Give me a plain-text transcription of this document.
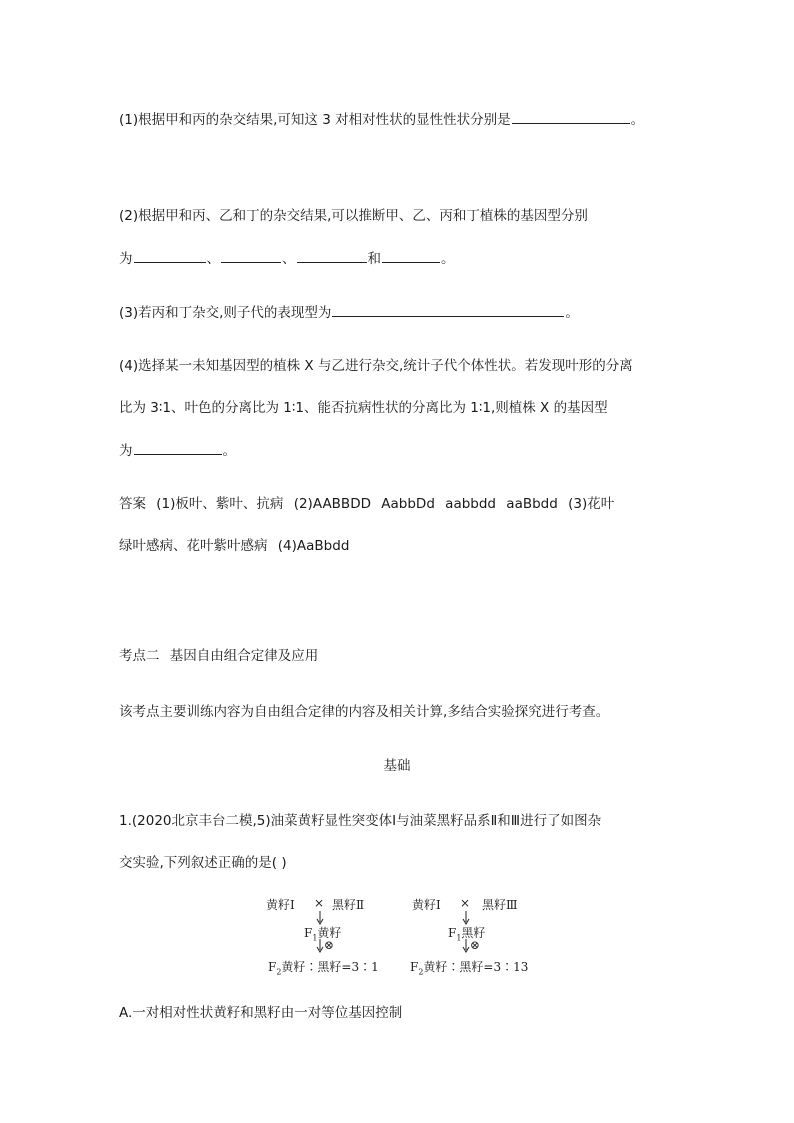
(1)根据甲和丙的杂交结果,可知这 3 对相对性状的显性性状分别是	。
(2)根据甲和丙、乙和丁的杂交结果,可以推断甲、乙、丙和丁植株的基因型分别
为	、	、	和	。
(3)若丙和丁杂交,则子代的表现型为	。
(4)选择某一未知基因型的植株 X 与乙进行杂交,统计子代个体性状。若发现叶形的分离
比为 3∶1、叶色的分离比为 1∶1、能否抗病性状的分离比为 1∶1,则植株 X 的基因型
为	。
答案 (1)板叶、紫叶、抗病 (2)AABBDD AabbDd aabbdd aaBbdd (3)花叶
绿叶感病、花叶紫叶感病 (4)AaBbdd
考点二 基因自由组合定律及应用
该考点主要训练内容为自由组合定律的内容及相关计算,多结合实验探究进行考查。
基础
1.(2020北京丰台二模,5)油菜黄籽显性突变体Ⅰ与油菜黑籽品系Ⅱ和Ⅲ进行了如图杂
交实验,下列叙述正确的是( )
黄籽Ⅰ × 黑籽Ⅱ
$F_1$黄籽
⊗
$F_2$黄籽∶黑籽=3∶1
黄籽Ⅰ × 黑籽Ⅲ
$F_1$黑籽
⊗
$F_2$黄籽∶黑籽=3∶13
A.一对相对性状黄籽和黑籽由一对等位基因控制
